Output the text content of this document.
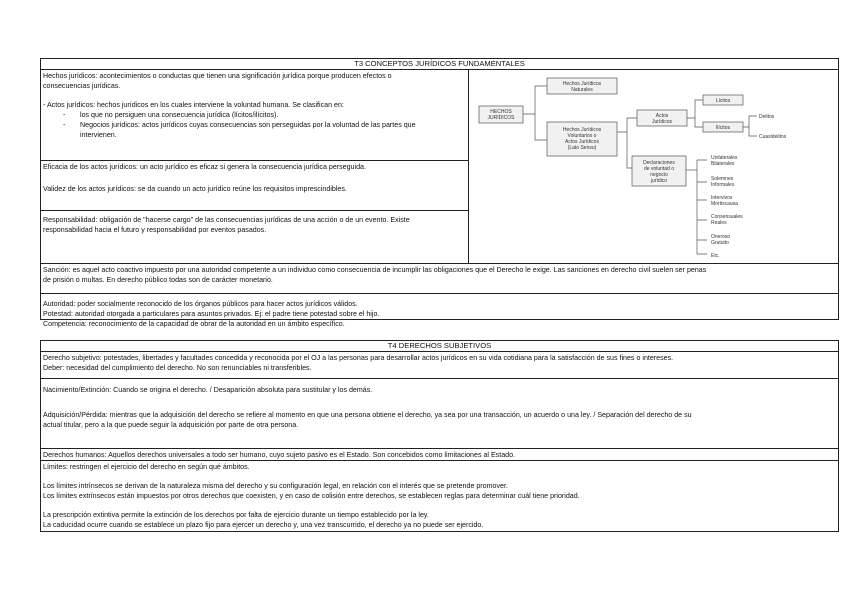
T3 CONCEPTOS JURÍDICOS FUNDAMENTALES

Hechos jurídicos: acontecimientos o conductas que tienen una significación jurídica porque producen efectos o

consecuencias jurídicas.

- Actos jurídicos: hechos jurídicos en los cuales interviene la voluntad humana. Se clasifican en:

- los que no persiguen una consecuencia jurídica (lícitos/ilícitos).

- Negocios jurídicos: actos jurídicos cuyas consecuencias son perseguidas por la voluntad de las partes que

intervienen.

Eficacia de los actos jurídicos: un acto jurídico es eficaz si genera la consecuencia jurídica perseguida.

Validez de los actos jurídicos: se da cuando un acto jurídico reúne los requisitos imprescindibles.

Responsabilidad: obligación de "hacerse cargo" de las consecuencias jurídicas de una acción o de un evento. Existe

responsabilidad hacia el futuro y responsabilidad por eventos pasados.

HECHOS
JURÍDICOS
Hechos Jurídicos
Naturales
Hechos Jurídicos
Voluntarios o
Actos Jurídicos
(Lato Sensu)
Actos
Jurídicos
Lícitos
Ilícitos
Delitos
Cuasidelitos
Declaraciones
de voluntad o
negocio
jurídico
Unilaterales
Bilaterales
Solemnes
Informales
Intervivos
Mortiscausa
Consensuales
Reales
Oneroso
Gratuito
Etc.

Sanción: es aquel acto coactivo impuesto por una autoridad competente a un individuo como consecuencia de incumplir las obligaciones que el Derecho le exige. Las sanciones en derecho civil suelen ser penas

de prisión o multas. En derecho público todas son de carácter monetario.

Autoridad: poder socialmente reconocido de los órganos públicos para hacer actos jurídicos válidos.

Potestad: autoridad otorgada a particulares para asuntos privados. Ej: el padre tiene potestad sobre el hijo.

Competencia: reconocimiento de la capacidad de obrar de la autoridad en un ámbito específico.

T4 DERECHOS SUBJETIVOS

Derecho subjetivo: potestades, libertades y facultades concedida y reconocida por el OJ a las personas para desarrollar actos jurídicos en su vida cotidiana para la satisfacción de sus fines o intereses.

Deber: necesidad del cumplimiento del derecho. No son renunciables ni transferibles.

Nacimiento/Extinción: Cuando se origina el derecho. / Desaparición absoluta para sustitular y los demás.

Adquisición/Pérdida: mientras que la adquisición del derecho se refiere al momento en que una persona obtiene el derecho, ya sea por una transacción, un acuerdo o una ley. / Separación del derecho de su

actual titular, pero a la que puede seguir la adquisición por parte de otra persona.

Derechos humanos: Aquellos derechos universales a todo ser humano, cuyo sujeto pasivo es el Estado. Son concebidos como limitaciones al Estado.

Límites: restringen el ejercicio del derecho en según qué ámbitos.

Los límites intrínsecos se derivan de la naturaleza misma del derecho y su configuración legal, en relación con el interés que se pretende promover.

Los límites extrínsecos están impuestos por otros derechos que coexisten, y en caso de colisión entre derechos, se establecen reglas para determinar cuál tiene prioridad.

La prescripción extintiva permite la extinción de los derechos por falta de ejercicio durante un tiempo establecido por la ley.

La caducidad ocurre cuando se establece un plazo fijo para ejercer un derecho y, una vez transcurrido, el derecho ya no puede ser ejercido.
